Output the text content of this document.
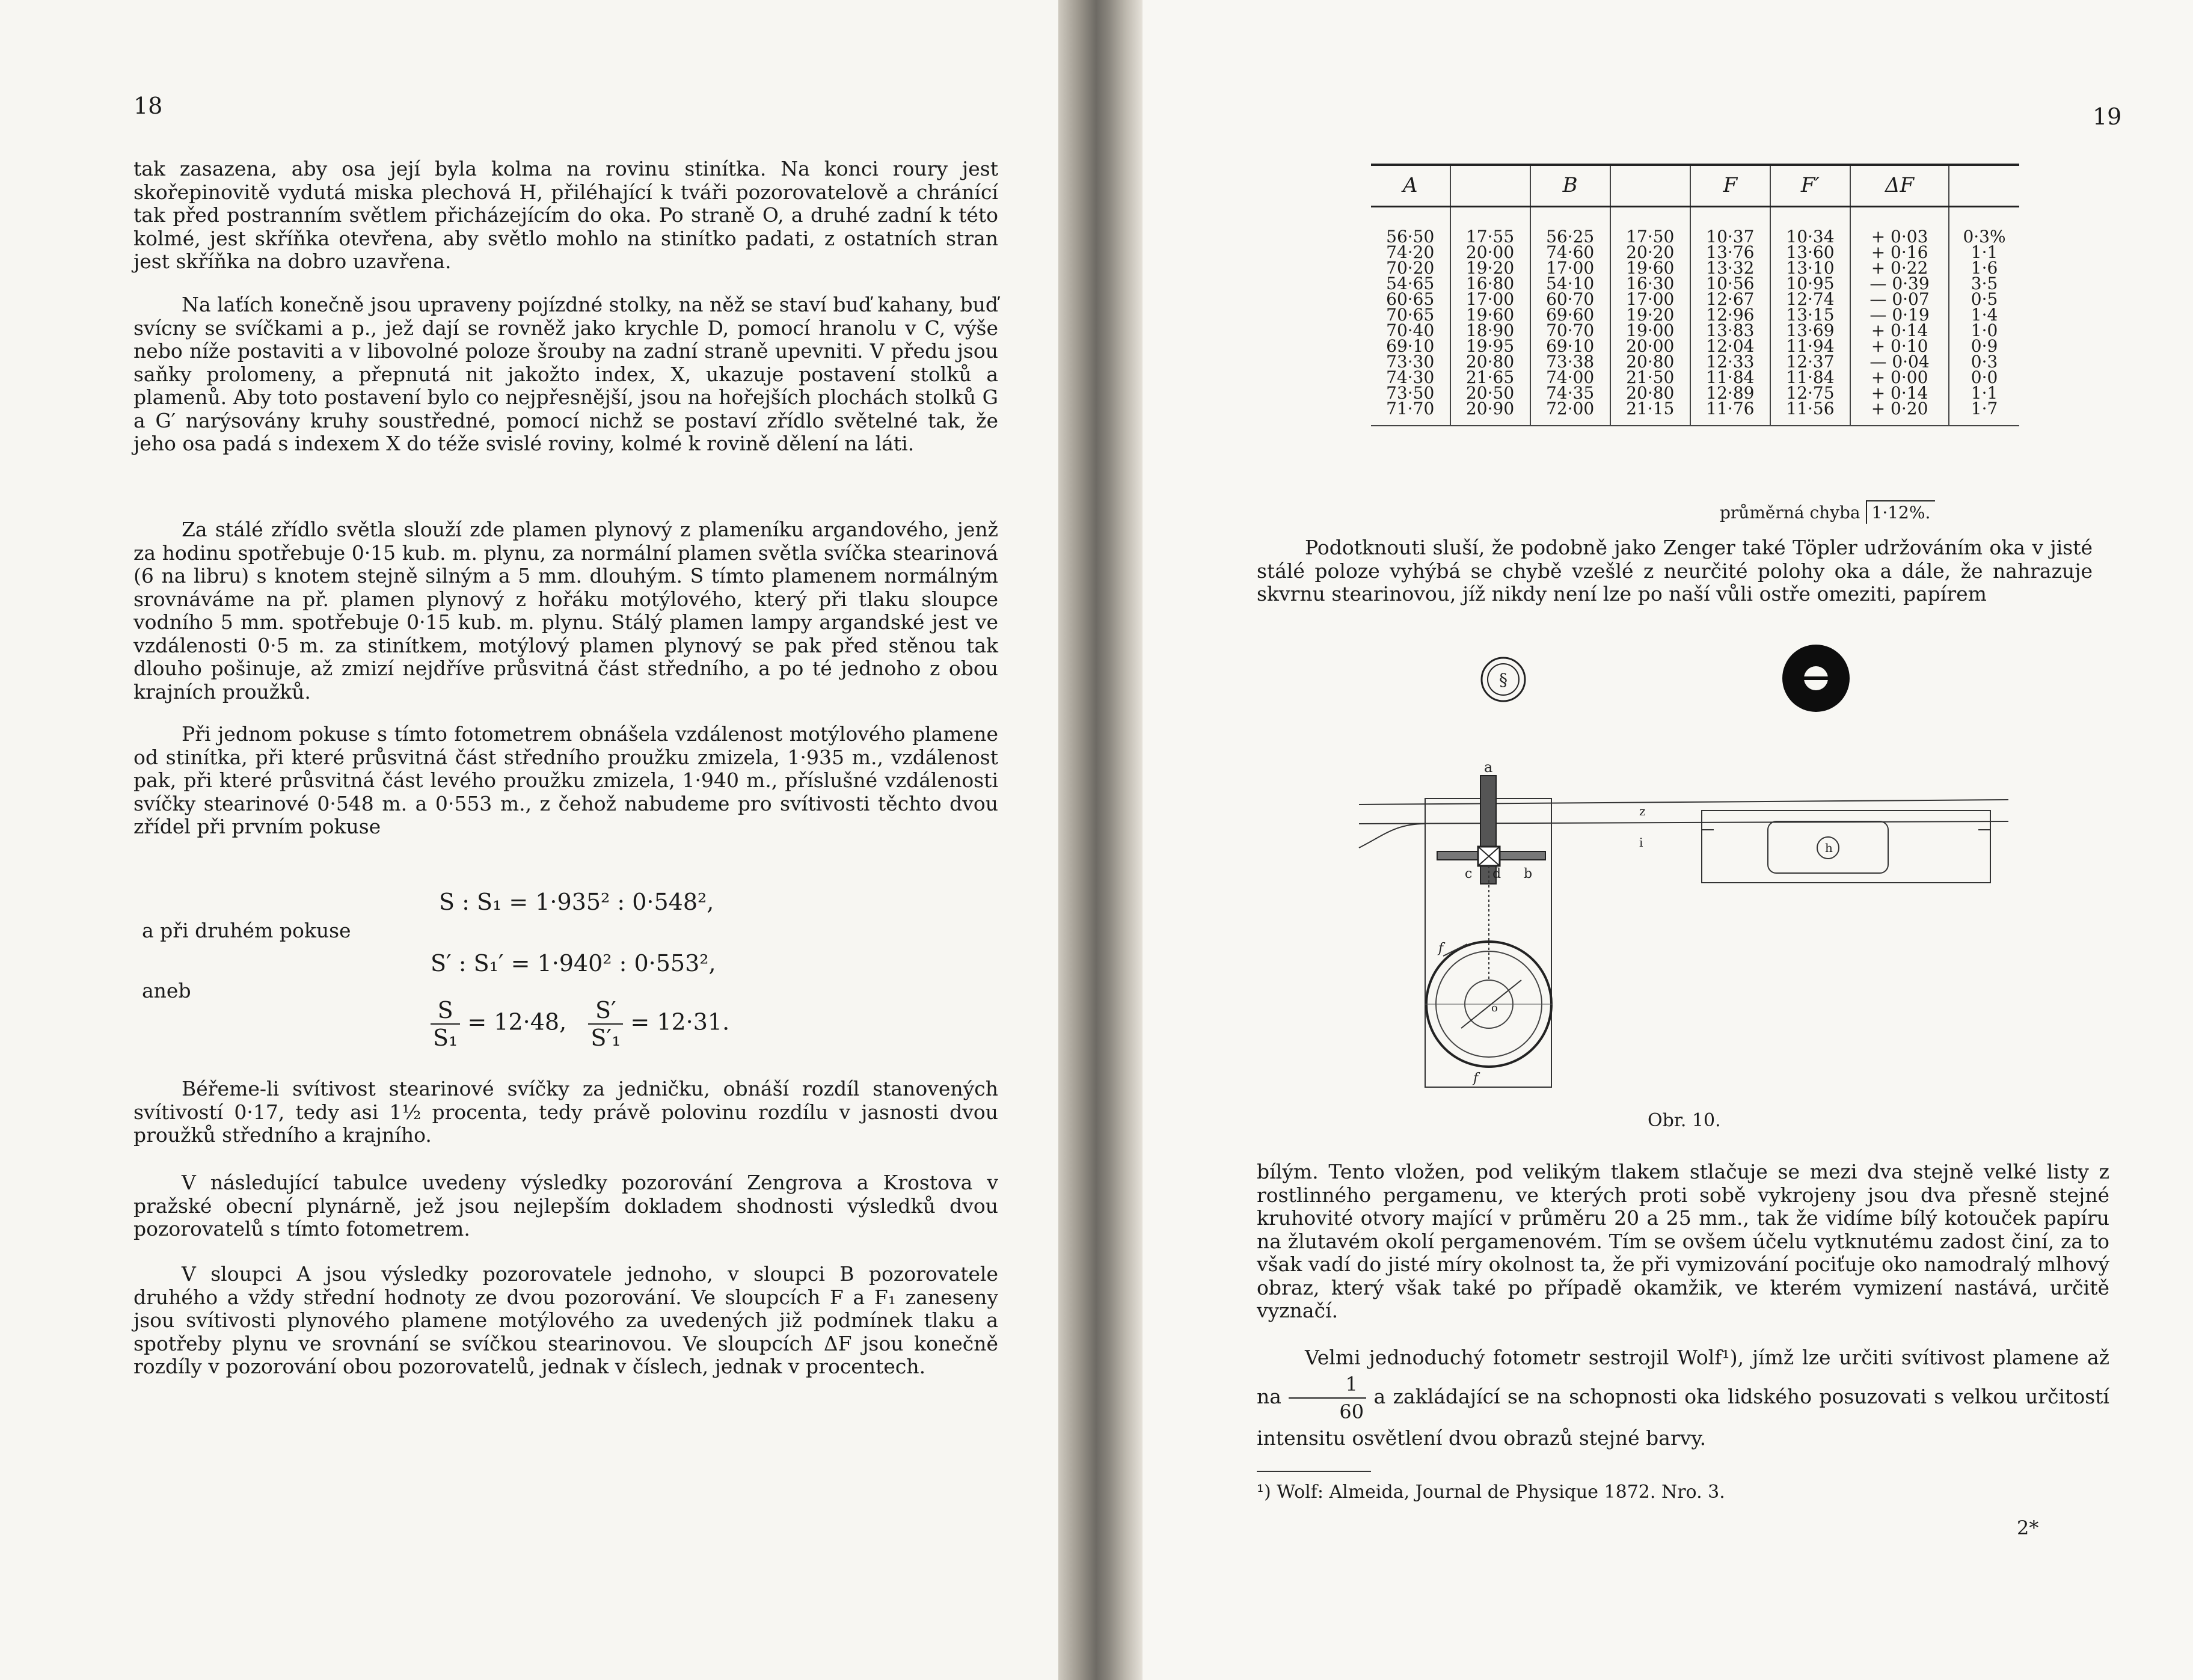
18

tak zasazena, aby osa její byla kolma na rovinu stinítka. Na konci roury jest skořepinovitě vydutá miska plechová H, přiléhající k tváři pozorovatelově a chránící tak před postranním světlem přicházejícím do oka. Po straně O, a druhé zadní k této kolmé, jest skříňka otevřena, aby světlo mohlo na stinítko padati, z ostatních stran jest skříňka na dobro uzavřena.

Na laťích konečně jsou upraveny pojízdné stolky, na něž se staví buď kahany, buď svícny se svíčkami a p., jež dají se rovněž jako krychle D, pomocí hranolu v C, výše nebo níže postaviti a v libovolné poloze šrouby na zadní straně upevniti. V předu jsou saňky prolomeny, a přepnutá nit jakožto index, X, ukazuje postavení stolků a plamenů. Aby toto postavení bylo co nejpřesnější, jsou na hořejších plochách stolků G a G′ narýsovány kruhy soustředné, pomocí nichž se postaví zřídlo světelné tak, že jeho osa padá s indexem X do téže svislé roviny, kolmé k rovině dělení na láti.

Za stálé zřídlo světla slouží zde plamen plynový z plameníku argandového, jenž za hodinu spotřebuje 0·15 kub. m. plynu, za normální plamen světla svíčka stearinová (6 na libru) s knotem stejně silným a 5 mm. dlouhým. S tímto plamenem normálným srovnáváme na př. plamen plynový z hořáku motýlového, který při tlaku sloupce vodního 5 mm. spotřebuje 0·15 kub. m. plynu. Stálý plamen lampy argandské jest ve vzdálenosti 0·5 m. za stinítkem, motýlový plamen plynový se pak před stěnou tak dlouho pošinuje, až zmizí nejdříve průsvitná část středního, a po té jednoho z obou krajních proužků.

Při jednom pokuse s tímto fotometrem obnášela vzdálenost motýlového plamene od stinítka, při které průsvitná část středního proužku zmizela, 1·935 m., vzdálenost pak, při které průsvitná část levého proužku zmizela, 1·940 m., příslušné vzdálenosti svíčky stearinové 0·548 m. a 0·553 m., z čehož nabudeme pro svítivosti těchto dvou zřídel při prvním pokuse

S : S₁ = 1·935² : 0·548²,
a při druhém pokuse
S′ : S₁′ = 1·940² : 0·553²,
aneb
$\frac{S}{\text{S₁}} = 12\cdot 48$, $\frac{S'}{\text{S′₁}} = 12\cdot 31$.

Béřeme-li svítivost stearinové svíčky za jedničku, obnáší rozdíl stanovených svítivostí 0·17, tedy asi 1½ procenta, tedy právě polovinu rozdílu v jasnosti dvou proužků středního a krajního.

V následující tabulce uvedeny výsledky pozorování Zengrova a Krostova v pražské obecní plynárně, jež jsou nejlepším dokladem shodnosti výsledků dvou pozorovatelů s tímto fotometrem.

V sloupci A jsou výsledky pozorovatele jednoho, v sloupci B pozorovatele druhého a vždy střední hodnoty ze dvou pozorování. Ve sloupcích F a F₁ zaneseny jsou svítivosti plynového plamene motýlového za uvedených již podmínek tlaku a spotřeby plynu ve srovnání se svíčkou stearinovou. Ve sloupcích ΔF jsou konečně rozdíly v pozorování obou pozorovatelů, jednak v číslech, jednak v procentech.

19
A		B		F	F′	ΔF	
56·50	17·55	56·25	17·50	10·37	10·34	+ 0·03	0·3%
74·20	20·00	74·60	20·20	13·76	13·60	+ 0·16	1·1
70·20	19·20	17·00	19·60	13·32	13·10	+ 0·22	1·6
54·65	16·80	54·10	16·30	10·56	10·95	— 0·39	3·5
60·65	17·00	60·70	17·00	12·67	12·74	— 0·07	0·5
70·65	19·60	69·60	19·20	12·96	13·15	— 0·19	1·4
70·40	18·90	70·70	19·00	13·83	13·69	+ 0·14	1·0
69·10	19·95	69·10	20·00	12·04	11·94	+ 0·10	0·9
73·30	20·80	73·38	20·80	12·33	12·37	— 0·04	0·3
74·30	21·65	74·00	21·50	11·84	11·84	+ 0·00	0·0
73·50	20·50	74·35	20·80	12·89	12·75	+ 0·14	1·1
71·70	20·90	72·00	21·15	11·76	11·56	+ 0·20	1·7
průměrná chyba 1·12%.

Podotknouti sluší, že podobně jako Zenger také Töpler udržováním oka v jisté stálé poloze vyhýbá se chybě vzešlé z neurčité polohy oka a dále, že nahrazuje skvrnu stearinovou, jíž nikdy není lze po naší vůli ostře omeziti, papírem

§
a
c d b
z
i	h
f
f
o
Obr. 10.

bílým. Tento vložen, pod velikým tlakem stlačuje se mezi dva stejně velké listy z rostlinného pergamenu, ve kterých proti sobě vykrojeny jsou dva přesně stejné kruhovité otvory mající v průměru 20 a 25 mm., tak že vidíme bílý kotouček papíru na žlutavém okolí pergamenovém. Tím se ovšem účelu vytknutému zadost činí, za to však vadí do jisté míry okolnost ta, že při vymizování pociťuje oko namodralý mlhový obraz, který však také po případě okamžik, ve kterém vymizení nastává, určitě vyznačí.

Velmi jednoduchý fotometr sestrojil Wolf¹), jímž lze určiti svítivost plamene až na $\frac{1}{60}$ a zakládající se na schopnosti oka lidského posuzovati s velkou určitostí intensitu osvětlení dvou obrazů stejné barvy.

¹) Wolf: Almeida, Journal de Physique 1872. Nro. 3.
2*
